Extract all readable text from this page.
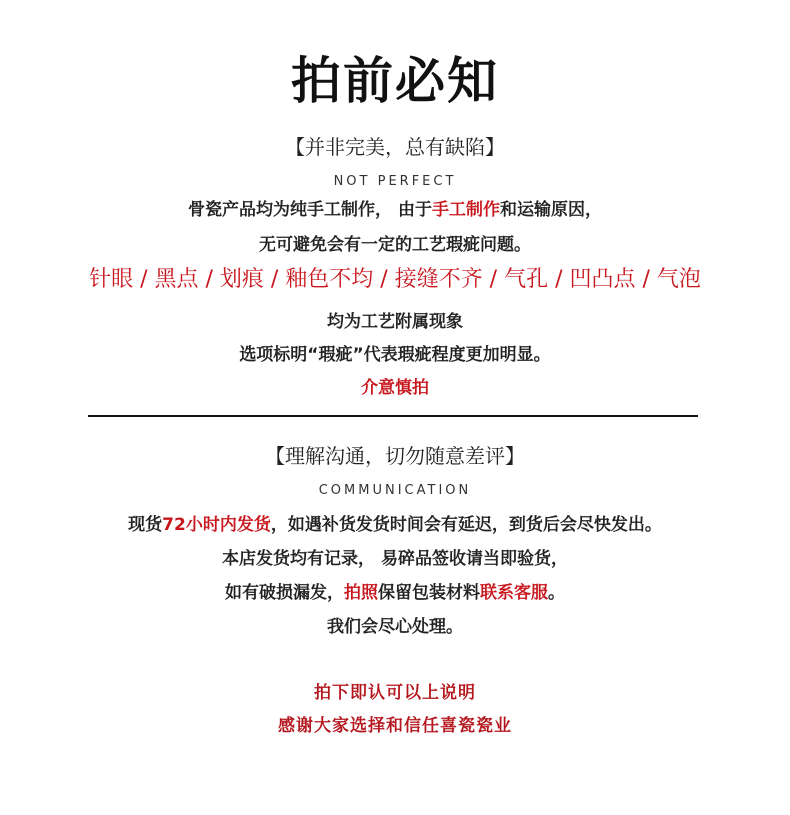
拍前必知
【并非完美，总有缺陷】
NOT PERFECT
骨瓷产品均为纯手工制作， 由于手工制作和运输原因，
无可避免会有一定的工艺瑕疵问题。
针眼 / 黑点 / 划痕 / 釉色不均 / 接缝不齐 / 气孔 / 凹凸点 / 气泡
均为工艺附属现象
选项标明“瑕疵”代表瑕疵程度更加明显。
介意慎拍
【理解沟通，切勿随意差评】
COMMUNICATION
现货72小时内发货，如遇补货发货时间会有延迟，到货后会尽快发出。
本店发货均有记录， 易碎品签收请当即验货，
如有破损漏发，拍照保留包装材料联系客服。
我们会尽心处理。
拍下即认可以上说明
感谢大家选择和信任喜瓷瓷业
